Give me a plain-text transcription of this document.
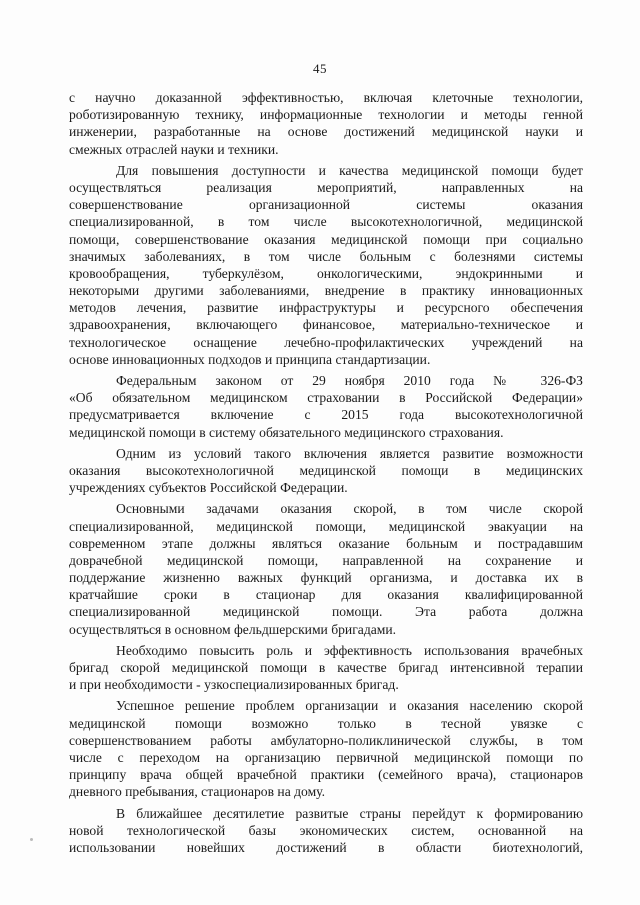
45
с научно доказанной эффективностью, включая клеточные технологии,
роботизированную технику, информационные технологии и методы генной
инженерии, разработанные на основе достижений медицинской науки и
смежных отраслей науки и техники.
Для повышения доступности и качества медицинской помощи будет
осуществляться реализация мероприятий, направленных на
совершенствование организационной системы оказания
специализированной, в том числе высокотехнологичной, медицинской
помощи, совершенствование оказания медицинской помощи при социально
значимых заболеваниях, в том числе больным с болезнями системы
кровообращения, туберкулёзом, онкологическими, эндокринными и
некоторыми другими заболеваниями, внедрение в практику инновационных
методов лечения, развитие инфраструктуры и ресурсного обеспечения
здравоохранения, включающего финансовое, материально-техническое и
технологическое оснащение лечебно-профилактических учреждений на
основе инновационных подходов и принципа стандартизации.
Федеральным законом от 29 ноября 2010 года № 326-ФЗ
«Об обязательном медицинском страховании в Российской Федерации»
предусматривается включение с 2015 года высокотехнологичной
медицинской помощи в систему обязательного медицинского страхования.
Одним из условий такого включения является развитие возможности
оказания высокотехнологичной медицинской помощи в медицинских
учреждениях субъектов Российской Федерации.
Основными задачами оказания скорой, в том числе скорой
специализированной, медицинской помощи, медицинской эвакуации на
современном этапе должны являться оказание больным и пострадавшим
доврачебной медицинской помощи, направленной на сохранение и
поддержание жизненно важных функций организма, и доставка их в
кратчайшие сроки в стационар для оказания квалифицированной
специализированной медицинской помощи. Эта работа должна
осуществляться в основном фельдшерскими бригадами.
Необходимо повысить роль и эффективность использования врачебных
бригад скорой медицинской помощи в качестве бригад интенсивной терапии
и при необходимости - узкоспециализированных бригад.
Успешное решение проблем организации и оказания населению скорой
медицинской помощи возможно только в тесной увязке с
совершенствованием работы амбулаторно-поликлинической службы, в том
числе с переходом на организацию первичной медицинской помощи по
принципу врача общей врачебной практики (семейного врача), стационаров
дневного пребывания, стационаров на дому.
В ближайшее десятилетие развитые страны перейдут к формированию
новой технологической базы экономических систем, основанной на
использовании новейших достижений в области биотехнологий,
